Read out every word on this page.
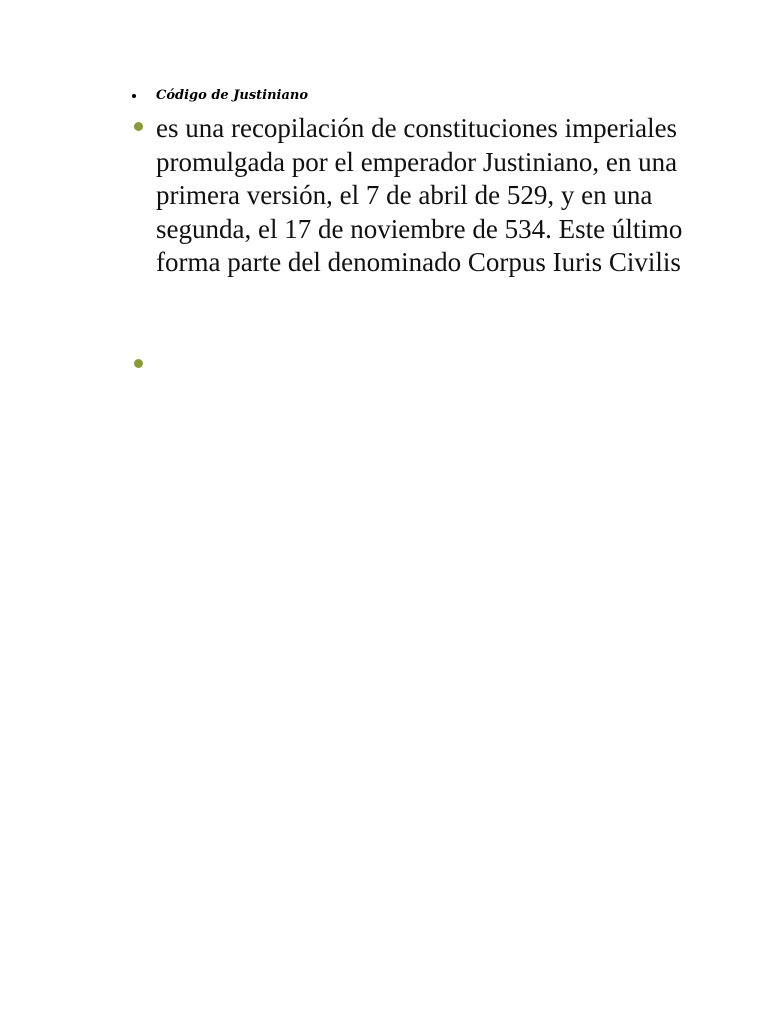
Código de Justiniano
es una recopilación de constituciones imperiales promulgada por el emperador Justiniano, en una primera versión, el 7 de abril de 529, y en una segunda, el 17 de noviembre de 534. Este último forma parte del denominado Corpus Iuris Civilis
